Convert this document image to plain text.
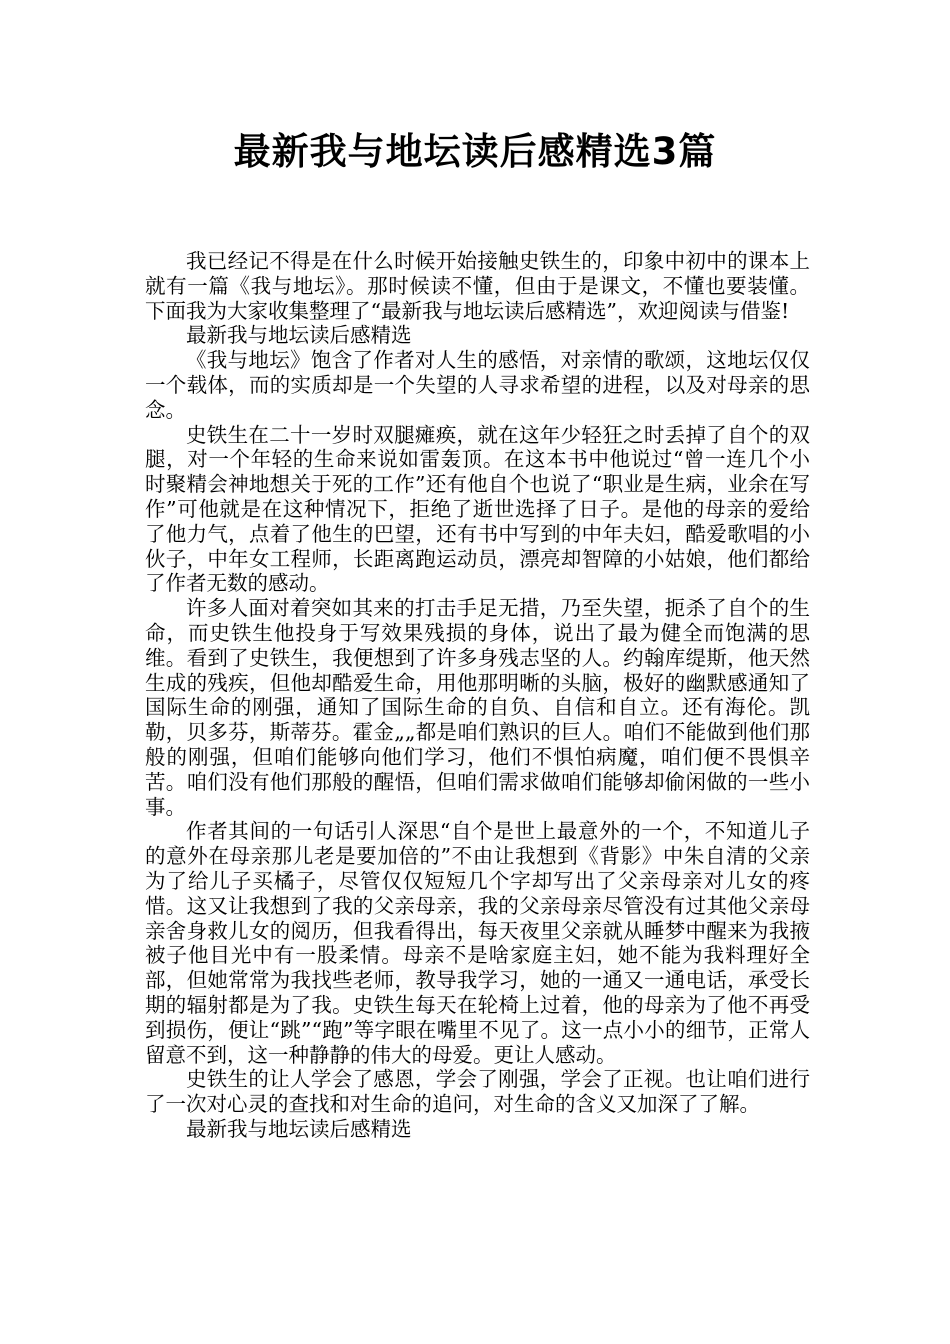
最新我与地坛读后感精选3篇

我已经记不得是在什么时候开始接触史铁生的，印象中初中的课本上就有一篇《我与地坛》。那时候读不懂，但由于是课文，不懂也要装懂。下面我为大家收集整理了“最新我与地坛读后感精选”，欢迎阅读与借鉴!

最新我与地坛读后感精选

《我与地坛》饱含了作者对人生的感悟，对亲情的歌颂，这地坛仅仅一个载体，而的实质却是一个失望的人寻求希望的进程，以及对母亲的思念。

史铁生在二十一岁时双腿瘫痪，就在这年少轻狂之时丢掉了自个的双腿，对一个年轻的生命来说如雷轰顶。在这本书中他说过“曾一连几个小时聚精会神地想关于死的工作”还有他自个也说了“职业是生病，业余在写作”可他就是在这种情况下，拒绝了逝世选择了日子。是他的母亲的爱给了他力气，点着了他生的巴望，还有书中写到的中年夫妇，酷爱歌唱的小伙子，中年女工程师，长距离跑运动员，漂亮却智障的小姑娘，他们都给了作者无数的感动。

许多人面对着突如其来的打击手足无措，乃至失望，扼杀了自个的生命，而史铁生他投身于写效果残损的身体，说出了最为健全而饱满的思维。看到了史铁生，我便想到了许多身残志坚的人。约翰库缇斯，他天然生成的残疾，但他却酷爱生命，用他那明晰的头脑，极好的幽默感通知了国际生命的刚强，通知了国际生命的自负、自信和自立。还有海伦。凯勒，贝多芬，斯蒂芬。霍金„„都是咱们熟识的巨人。咱们不能做到他们那般的刚强，但咱们能够向他们学习，他们不惧怕病魔，咱们便不畏惧辛苦。咱们没有他们那般的醒悟，但咱们需求做咱们能够却偷闲做的一些小事。

作者其间的一句话引人深思“自个是世上最意外的一个，不知道儿子的意外在母亲那儿老是要加倍的”不由让我想到《背影》中朱自清的父亲为了给儿子买橘子，尽管仅仅短短几个字却写出了父亲母亲对儿女的疼惜。这又让我想到了我的父亲母亲，我的父亲母亲尽管没有过其他父亲母亲舍身救儿女的阅历，但我看得出，每天夜里父亲就从睡梦中醒来为我掖被子他目光中有一股柔情。母亲不是啥家庭主妇，她不能为我料理好全部，但她常常为我找些老师，教导我学习，她的一通又一通电话，承受长期的辐射都是为了我。史铁生每天在轮椅上过着，他的母亲为了他不再受到损伤，便让“跳”“跑”等字眼在嘴里不见了。这一点小小的细节，正常人留意不到，这一种静静的伟大的母爱。更让人感动。

史铁生的让人学会了感恩，学会了刚强，学会了正视。也让咱们进行了一次对心灵的查找和对生命的追问，对生命的含义又加深了了解。

最新我与地坛读后感精选
